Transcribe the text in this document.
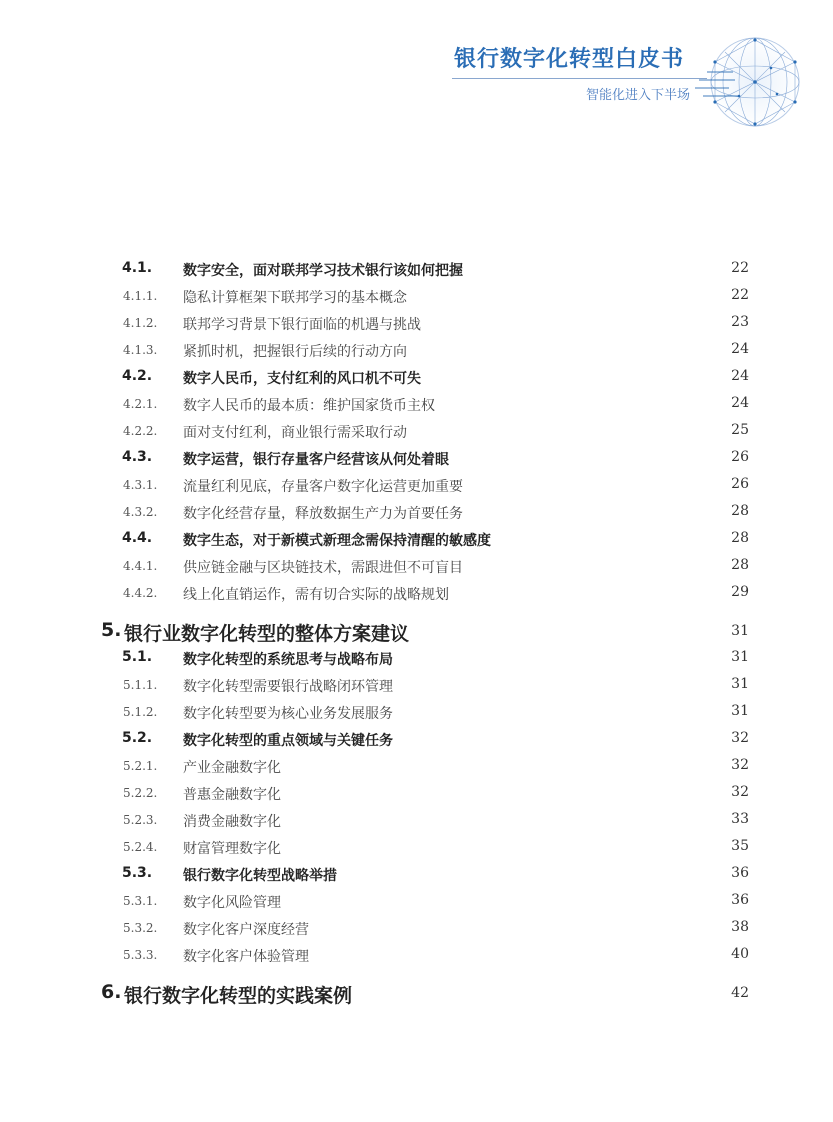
银行数字化转型白皮书
智能化进入下半场
4.1. 数字安全，面对联邦学习技术银行该如何把握	22
4.1.1. 隐私计算框架下联邦学习的基本概念	22
4.1.2. 联邦学习背景下银行面临的机遇与挑战	23
4.1.3. 紧抓时机，把握银行后续的行动方向	24
4.2. 数字人民币，支付红利的风口机不可失	24
4.2.1. 数字人民币的最本质：维护国家货币主权	24
4.2.2. 面对支付红利，商业银行需采取行动	25
4.3. 数字运营，银行存量客户经营该从何处着眼	26
4.3.1. 流量红利见底，存量客户数字化运营更加重要	26
4.3.2. 数字化经营存量，释放数据生产力为首要任务	28
4.4. 数字生态，对于新模式新理念需保持清醒的敏感度	28
4.4.1. 供应链金融与区块链技术，需跟进但不可盲目	28
4.4.2. 线上化直销运作，需有切合实际的战略规划	29
5. 银行业数字化转型的整体方案建议	31
5.1. 数字化转型的系统思考与战略布局	31
5.1.1. 数字化转型需要银行战略闭环管理	31
5.1.2. 数字化转型要为核心业务发展服务	31
5.2. 数字化转型的重点领域与关键任务	32
5.2.1. 产业金融数字化	32
5.2.2. 普惠金融数字化	32
5.2.3. 消费金融数字化	33
5.2.4. 财富管理数字化	35
5.3. 银行数字化转型战略举措	36
5.3.1. 数字化风险管理	36
5.3.2. 数字化客户深度经营	38
5.3.3. 数字化客户体验管理	40
6. 银行数字化转型的实践案例	42
